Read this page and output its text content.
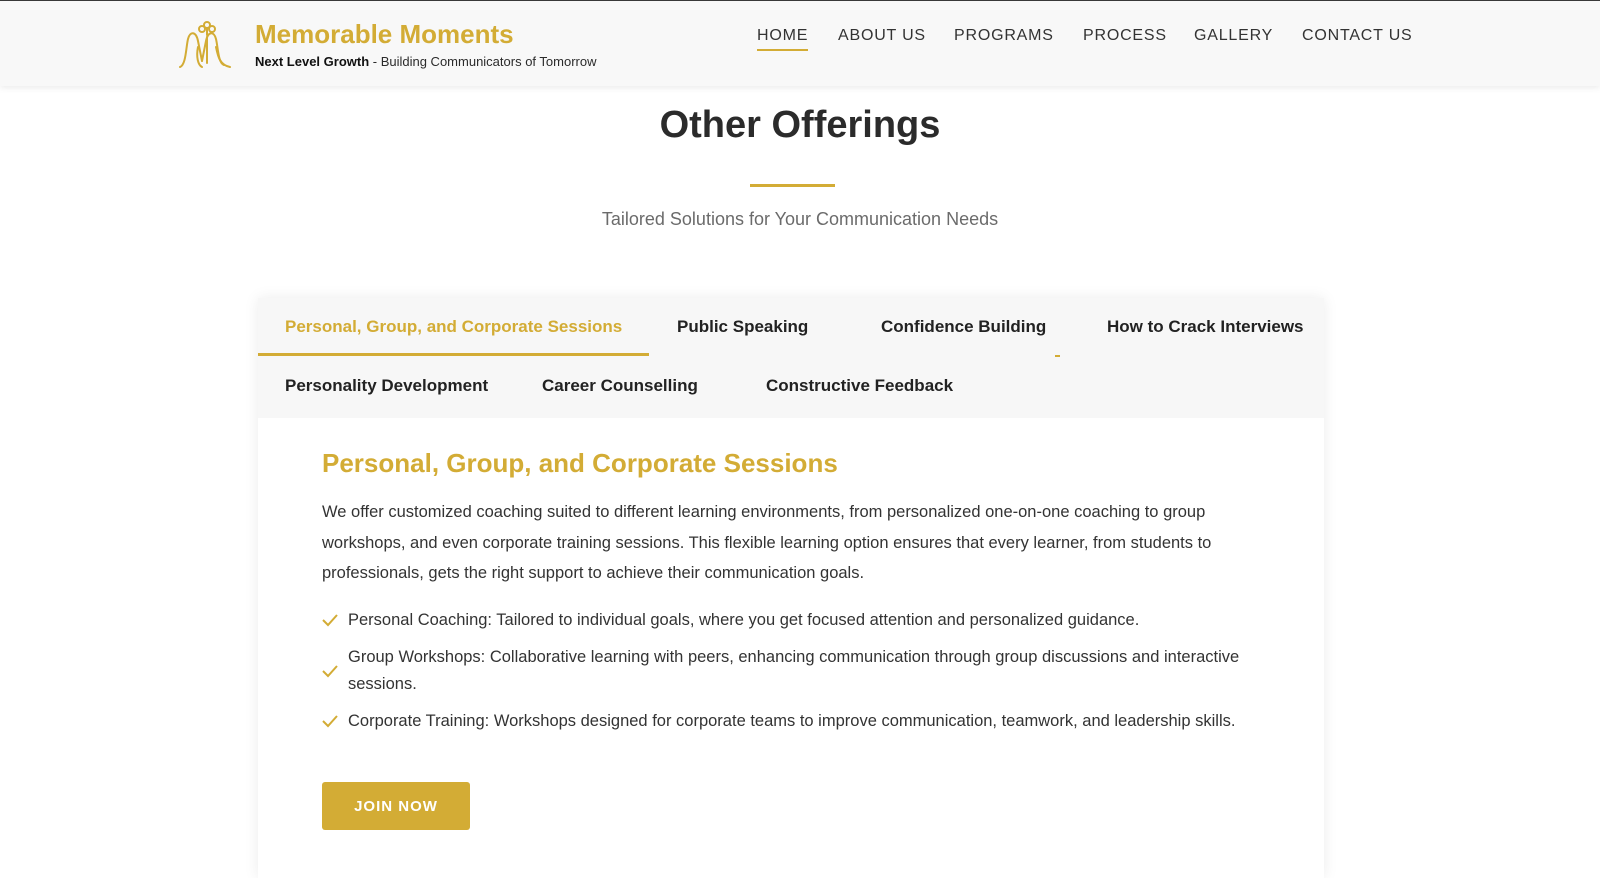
Memorable Moments
Next Level Growth - Building Communicators of Tomorrow
HOME ABOUT US PROGRAMS PROCESS GALLERY CONTACT US
Other Offerings
Tailored Solutions for Your Communication Needs
Personal, Group, and Corporate Sessions	Public Speaking	Confidence Building	How to Crack Interviews
Personality Development	Career Counselling	Constructive Feedback
Personal, Group, and Corporate Sessions

We offer customized coaching suited to different learning environments, from personalized one-on-one coaching to group workshops, and even corporate training sessions. This flexible learning option ensures that every learner, from students to professionals, gets the right support to achieve their communication goals.

Personal Coaching: Tailored to individual goals, where you get focused attention and personalized guidance.
Group Workshops: Collaborative learning with peers, enhancing communication through group discussions and interactive sessions.
Corporate Training: Workshops designed for corporate teams to improve communication, teamwork, and leadership skills.
JOIN NOW
